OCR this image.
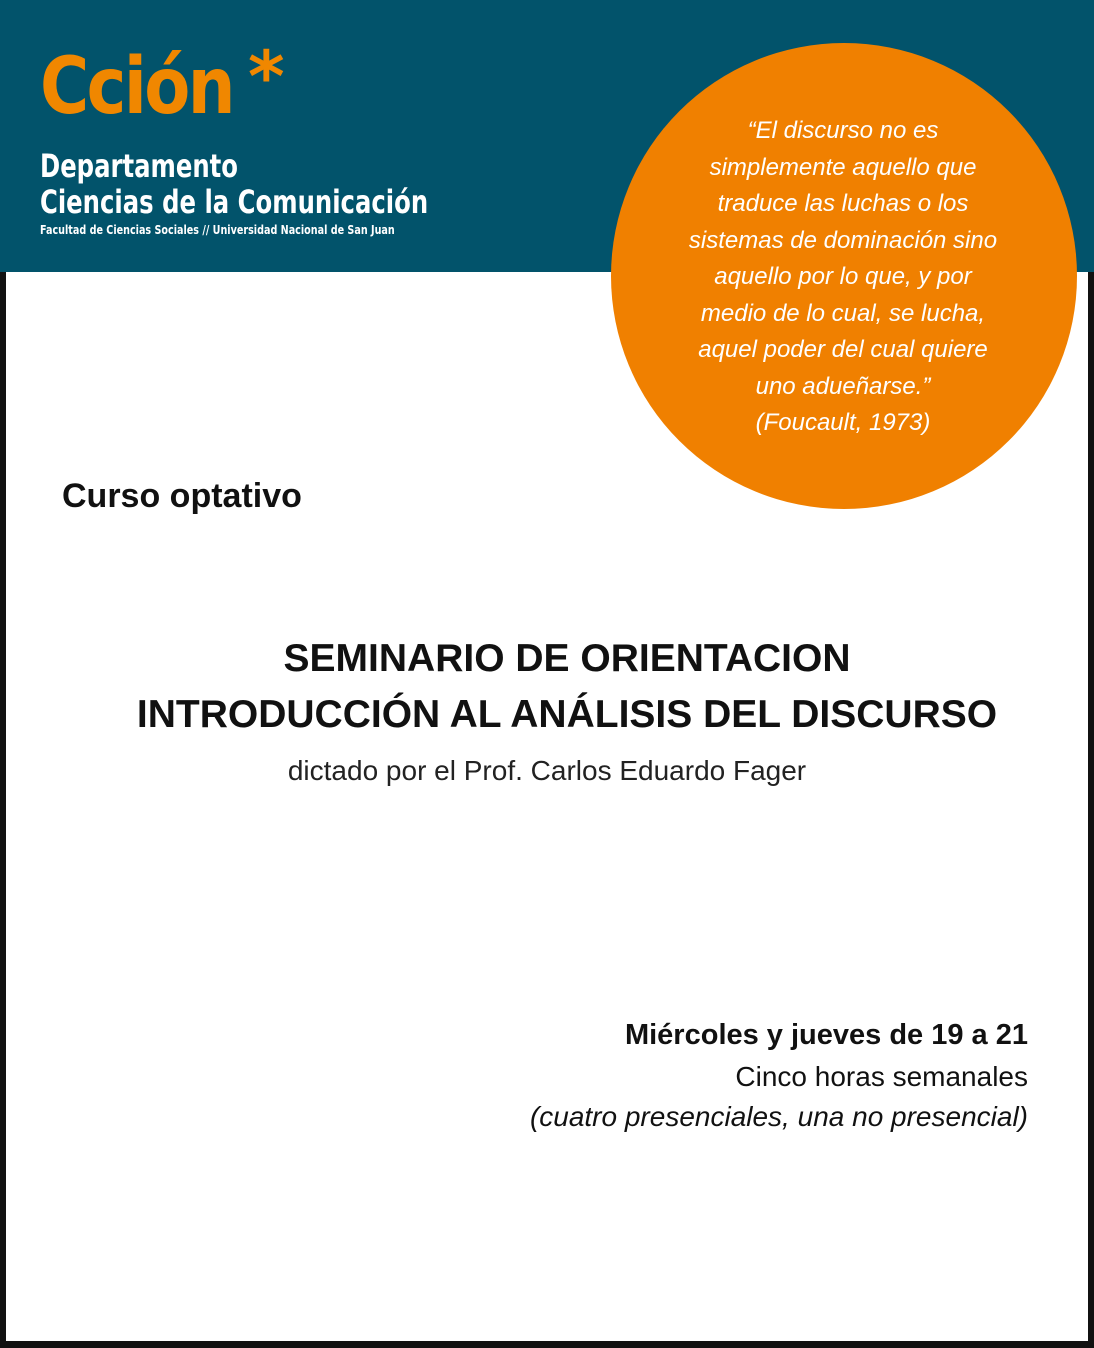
Cción *
Departamento
Ciencias de la Comunicación
Facultad de Ciencias Sociales // Universidad Nacional de San Juan

“El discurso no es
simplemente aquello que
traduce las luchas o los
sistemas de dominación sino
aquello por lo que, y por
medio de lo cual, se lucha,
aquel poder del cual quiere
uno adueñarse.”
(Foucault, 1973)

Curso optativo

SEMINARIO DE ORIENTACION
INTRODUCCIÓN AL ANÁLISIS DEL DISCURSO

dictado por el Prof. Carlos Eduardo Fager

Miércoles y jueves de 19 a 21

Cinco horas semanales

(cuatro presenciales, una no presencial)
